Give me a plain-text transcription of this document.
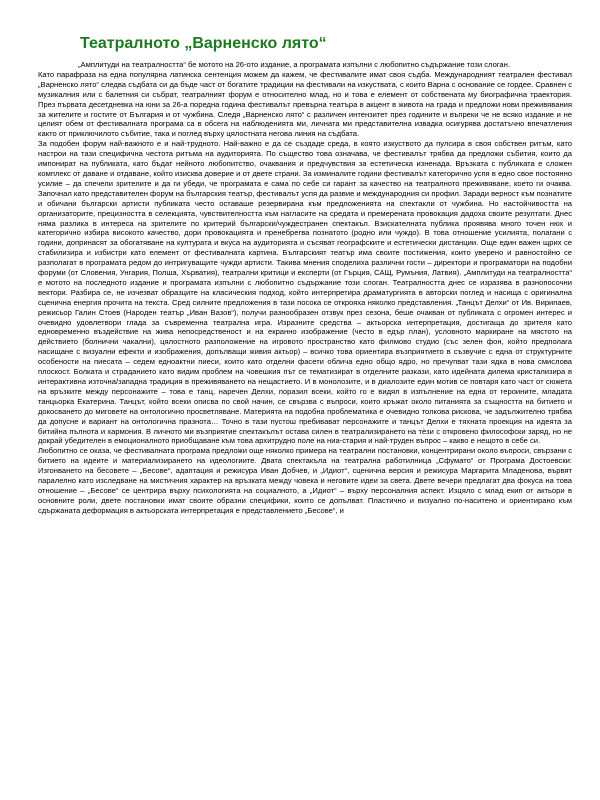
Театралното „Варненско лято“

„Амплитуди на театралността“ бе мотото на 26-ото издание, а програмата изпълни с любопитно съдържание този слоган.

Като парафраза на една популярна латинска сентенция можем да кажем, че фестивалите имат своя съдба. Международният театрален фестивал „Варненско лято“ следва съдбата си да бъде част от богатите традиции на фестивали на изкуствата, с които Варна с основание се гордее. Сравнен с музикалния или с балетния си събрат, театралният форум е относително млад, но и това е елемент от собствената му биографична траектория. През първата десетдневка на юни за 26-а поредна година фестивалът превърна театъра в акцент в живота на града и предложи нови преживявания за жителите и гостите от България и от чужбина. Следя „Варненско лято“ с различен интензитет през годините и въпреки че не всяко издание и не целият обем от фестивалната програма са в обсега на наблюденията ми, личната ми представителна извадка осигурява достатъчно впечатления както от приключилото събитие, така и поглед върху цялостната негова линия на съдбата.

За подобен форум най-важното е и най-трудното. Най-важно е да се създаде среда, в която изкуството да пулсира в своя собствен ритъм, като настрои на тази специфична честота ритъма на аудиторията. По същество това означава, че фестивалът трябва да предложи събития, които да импонират на публиката, като бъдат нейното любопитство, очаквания и предчувствия за естетическа изненада. Връзката с публиката е сложен комплекс от даване и отдаване, който изисква доверие и от двете страни. За изминалите години фестивалът категорично успя в едно свое постоянно усилие – да спечели зрителите и да ги убеди, че програмата е сама по себе си гарант за качество на театралното преживяване, което ги очаква. Започнал като представителен форум на българския театър, фестивалът успя да развие и международния си профил. Заради верност към познатите и обичани български артисти публиката често оставаше резервирана към предложенията на спектакли от чужбина. Но настойчивостта на организаторите, прецизността в селекцията, чувствителността към нагласите на средата и премерената провокация дадоха своите резултати. Днес няма разлика в интереса на зрителите по критерий български/чуждестранен спектакъл. Взискателната публика проявява много точен нюх и категорично избира високото качество, дори провокацията и пренебрегва познатото (родно или чуждо). В това отношение усилията, полагани с години, допринасят за обогатяване на културата и вкуса на аудиторията и съсяват географските и естетически дистанции. Още един важен щрих се стабилизира и избистри като елемент от фестивалната картина. Българският театър има своите постижения, които уверено и равностойно се разполагат в програмата редом до интригуващите чужди артисти. Такива мнения споделиха различни гости – директори и програматори на подобни форуми (от Словения, Унгария, Полша, Хърватия), театрални критици и експерти (от Гърция, САЩ, Румъния, Латвия). „Амплитуди на театралността“ е мотото на последното издание и програмата изпълни с любопитно съдържание този слоган. Театралността днес се изразява в разнопосочни вектори. Разбира се, не изчезват образците на класическия подход, който интерпретира драматургията в авторски поглед и насища с оригинална сценична енергия прочита на текста. Сред силните предложения в тази посока се открояха няколко представления. „Танцът Делхи“ от Ив. Вирипаев, режисьор Галин Стоев (Народен театър „Иван Вазов“), получи разнообразен отзвук през сезона, беше очакван от публиката с огромен интерес и очевидно удовлетвори глада за съвременна театрална игра. Изразните средства – актьорска интерпретация, достигаща до зрителя като едновременно въздействие на жива непосредственост и на екранно изображение (често в едър план), условното маркиране на мястото на действието (болнични чакални), цялостното разположение на игровото пространство като филмово студио (със зелен фон, който предполага насищане с визуални ефекти и изображения, допълващи живия актьор) – всичко това ориентира възприятието в съзвучие с една от структурните особености на пиесата – седем едноактни пиеси, които като отделни фасети облича едно общо ядро, но пречупват тази ядка в нова смислова плоскост. Болката и страданието като видим проблем на човешкия път се тематизират в отделните разкази, като идейната дилема кристализира в интерактивна източна/западна традиция в преживяването на нещастието. И в монолозите, и в диалозите един мотив се повтаря като част от сюжета на връзките между персонажите – това е танц, наречен Делхи, поразил всеки, който го е видял в изпълнение на една от героините, младата танцьорка Екатерина. Танцът, който всеки описва по свой начин, се свързва с въпроси, които кръжат около питанията за същността на битието и докосването до миговете на онтологично просветляване. Материята на подобна проблематика е очевидно толкова рискова, че задължително трябва да допусне и вариант на онтологична празнота… Точно в тази пустош пребивават персонажите и танцът Делхи е тяхната проекция на идеята за битийна пълнота и хармония. В личното ми възприятие спектакълът остава силен в театрализирането на тѐзи с откровено философски заряд, но не докрай убедителен в емоционалното приобщаване към това архитрудно поле на ниа-стария и най-труден въпрос – какво е нещото в себе си.

Любопитно се оказа, че фестивалната програма предложи още няколко примера на театрални постановки, концентрирани около въпроси, свързани с битието на идеите и материализирането на идеологиите. Двата спектакъла на театрална работилница „Сфумато“ от Програма Достоевски: Изгонването на бесовете – „Бесове“, адаптация и режисура Иван Добчев, и „Идиот“, сценична версия и режисура Маргарита Младенова, вървят паралелно като изследване на мистичния характер на връзката между човека и неговите идеи за света. Двете вечери предлагат два фокуса на това отношение – „Бесове“ се центрира върху психологията на социалното, а „Идиот“ – върху персоналния аспект. Изцяло с млад екип от актьори в основните роли, двете постановки имат своите образни специфики, които се допълват. Пластично и визуално по-наситено и ориентирано към сдържаната деформация в актьорската интерпретация е представлението „Бесове“, и
